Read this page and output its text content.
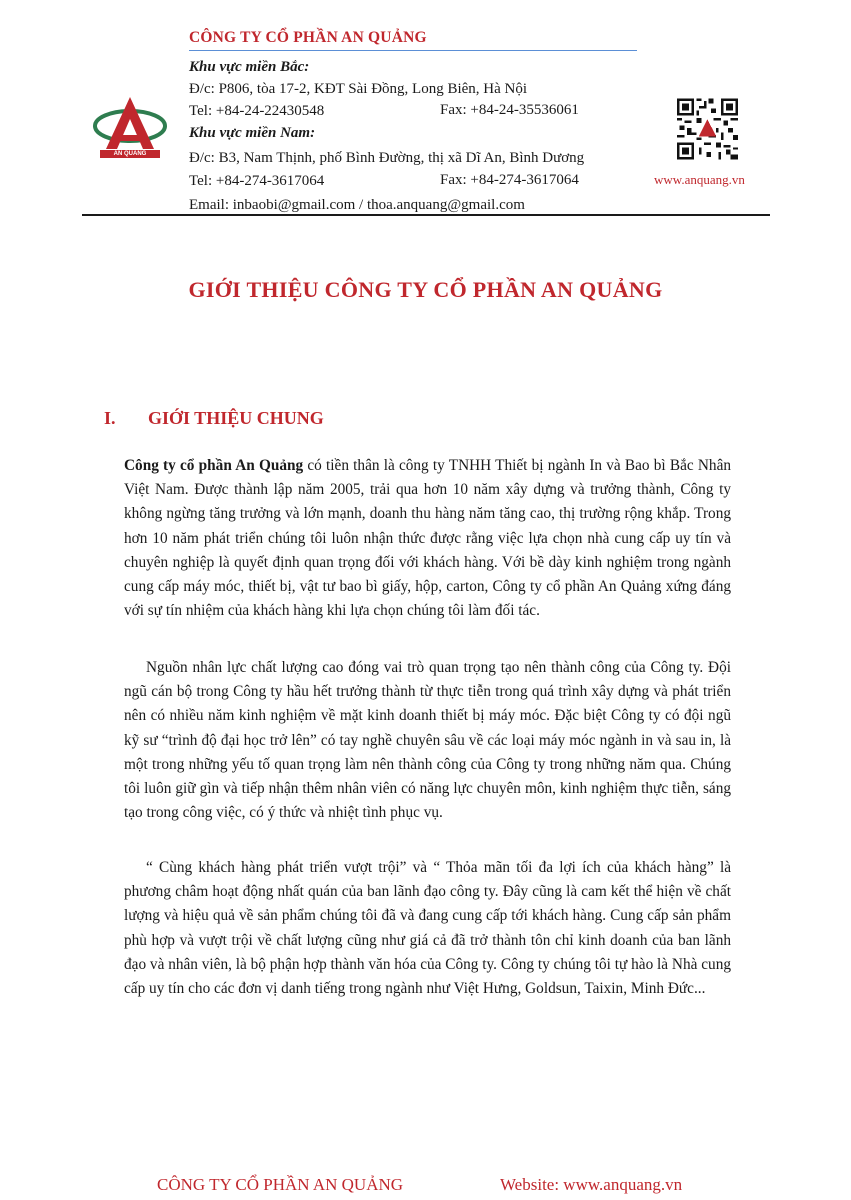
CÔNG TY CỔ PHẦN AN QUẢNG
Khu vực miền Bắc:
Đ/c: P806, tòa 17-2, KĐT Sài Đồng, Long Biên, Hà Nội
Tel: +84-24-22430548	Fax: +84-24-35536061
Khu vực miền Nam:
Đ/c: B3, Nam Thịnh, phố Bình Đường, thị xã Dĩ An, Bình Dương
Tel: +84-274-3617064	Fax: +84-274-3617064
Email: inbaobi@gmail.com / thoa.anquang@gmail.com
AN QUANG
www.anquang.vn
GIỚI THIỆU CÔNG TY CỔ PHẦN AN QUẢNG
I. GIỚI THIỆU CHUNG

Công ty cổ phần An Quảng có tiền thân là công ty TNHH Thiết bị ngành In và Bao bì Bắc Nhân Việt Nam. Được thành lập năm 2005, trải qua hơn 10 năm xây dựng và trưởng thành, Công ty không ngừng tăng trưởng và lớn mạnh, doanh thu hàng năm tăng cao, thị trường rộng khắp. Trong hơn 10 năm phát triển chúng tôi luôn nhận thức được rằng việc lựa chọn nhà cung cấp uy tín và chuyên nghiệp là quyết định quan trọng đối với khách hàng. Với bề dày kinh nghiệm trong ngành cung cấp máy móc, thiết bị, vật tư bao bì giấy, hộp, carton, Công ty cổ phần An Quảng xứng đáng với sự tín nhiệm của khách hàng khi lựa chọn chúng tôi làm đối tác.

Nguồn nhân lực chất lượng cao đóng vai trò quan trọng tạo nên thành công của Công ty. Đội ngũ cán bộ trong Công ty hầu hết trưởng thành từ thực tiễn trong quá trình xây dựng và phát triển nên có nhiều năm kinh nghiệm về mặt kinh doanh thiết bị máy móc. Đặc biệt Công ty có đội ngũ kỹ sư “trình độ đại học trở lên” có tay nghề chuyên sâu về các loại máy móc ngành in và sau in, là một trong những yếu tố quan trọng làm nên thành công của Công ty trong những năm qua. Chúng tôi luôn giữ gìn và tiếp nhận thêm nhân viên có năng lực chuyên môn, kinh nghiệm thực tiễn, sáng tạo trong công việc, có ý thức và nhiệt tình phục vụ.

“ Cùng khách hàng phát triển vượt trội” và “ Thỏa mãn tối đa lợi ích của khách hàng” là phương châm hoạt động nhất quán của ban lãnh đạo công ty. Đây cũng là cam kết thể hiện về chất lượng và hiệu quả về sản phẩm chúng tôi đã và đang cung cấp tới khách hàng. Cung cấp sản phẩm phù hợp và vượt trội về chất lượng cũng như giá cả đã trở thành tôn chỉ kinh doanh của ban lãnh đạo và nhân viên, là bộ phận hợp thành văn hóa của Công ty. Công ty chúng tôi tự hào là Nhà cung cấp uy tín cho các đơn vị danh tiếng trong ngành như Việt Hưng, Goldsun, Taixin, Minh Đức...

CÔNG TY CỔ PHẦN AN QUẢNG	Website: www.anquang.vn
